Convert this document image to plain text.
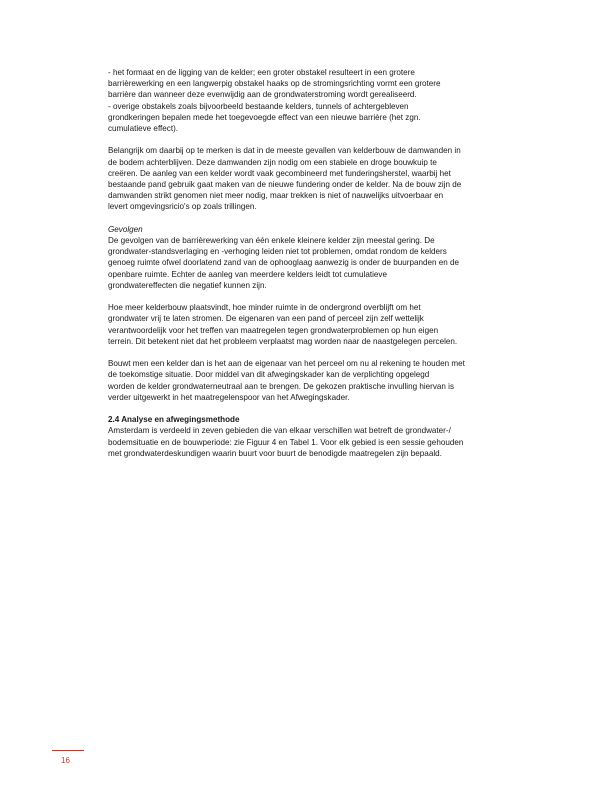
- het formaat en de ligging van de kelder; een groter obstakel resulteert in een grotere
barrièrewerking en een langwerpig obstakel haaks op de stromingsrichting vormt een grotere
barrière dan wanneer deze evenwijdig aan de grondwaterstroming wordt gerealiseerd.
- overige obstakels zoals bijvoorbeeld bestaande kelders, tunnels of achtergebleven
grondkeringen bepalen mede het toegevoegde effect van een nieuwe barrière (het zgn.
cumulatieve effect).
Belangrijk om daarbij op te merken is dat in de meeste gevallen van kelderbouw de damwanden in
de bodem achterblijven. Deze damwanden zijn nodig om een stabiele en droge bouwkuip te
creëren. De aanleg van een kelder wordt vaak gecombineerd met funderingsherstel, waarbij het
bestaande pand gebruik gaat maken van de nieuwe fundering onder de kelder. Na de bouw zijn de
damwanden strikt genomen niet meer nodig, maar trekken is niet of nauwelijks uitvoerbaar en
levert omgevingsricio's op zoals trillingen.
Gevolgen
De gevolgen van de barrièrewerking van één enkele kleinere kelder zijn meestal gering. De
grondwater-standsverlaging en -verhoging leiden niet tot problemen, omdat rondom de kelders
genoeg ruimte ofwel doorlatend zand van de ophooglaag aanwezig is onder de buurpanden en de
openbare ruimte. Echter de aanleg van meerdere kelders leidt tot cumulatieve
grondwatereffecten die negatief kunnen zijn.
Hoe meer kelderbouw plaatsvindt, hoe minder ruimte in de ondergrond overblijft om het
grondwater vrij te laten stromen. De eigenaren van een pand of perceel zijn zelf wettelijk
verantwoordelijk voor het treffen van maatregelen tegen grondwaterproblemen op hun eigen
terrein. Dit betekent niet dat het probleem verplaatst mag worden naar de naastgelegen percelen.
Bouwt men een kelder dan is het aan de eigenaar van het perceel om nu al rekening te houden met
de toekomstige situatie. Door middel van dit afwegingskader kan de verplichting opgelegd
worden de kelder grondwaterneutraal aan te brengen. De gekozen praktische invulling hiervan is
verder uitgewerkt in het maatregelenspoor van het Afwegingskader.
2.4 Analyse en afwegingsmethode
Amsterdam is verdeeld in zeven gebieden die van elkaar verschillen wat betreft de grondwater-/
bodemsituatie en de bouwperiode: zie Figuur 4 en Tabel 1. Voor elk gebied is een sessie gehouden
met grondwaterdeskundigen waarin buurt voor buurt de benodigde maatregelen zijn bepaald.
16
